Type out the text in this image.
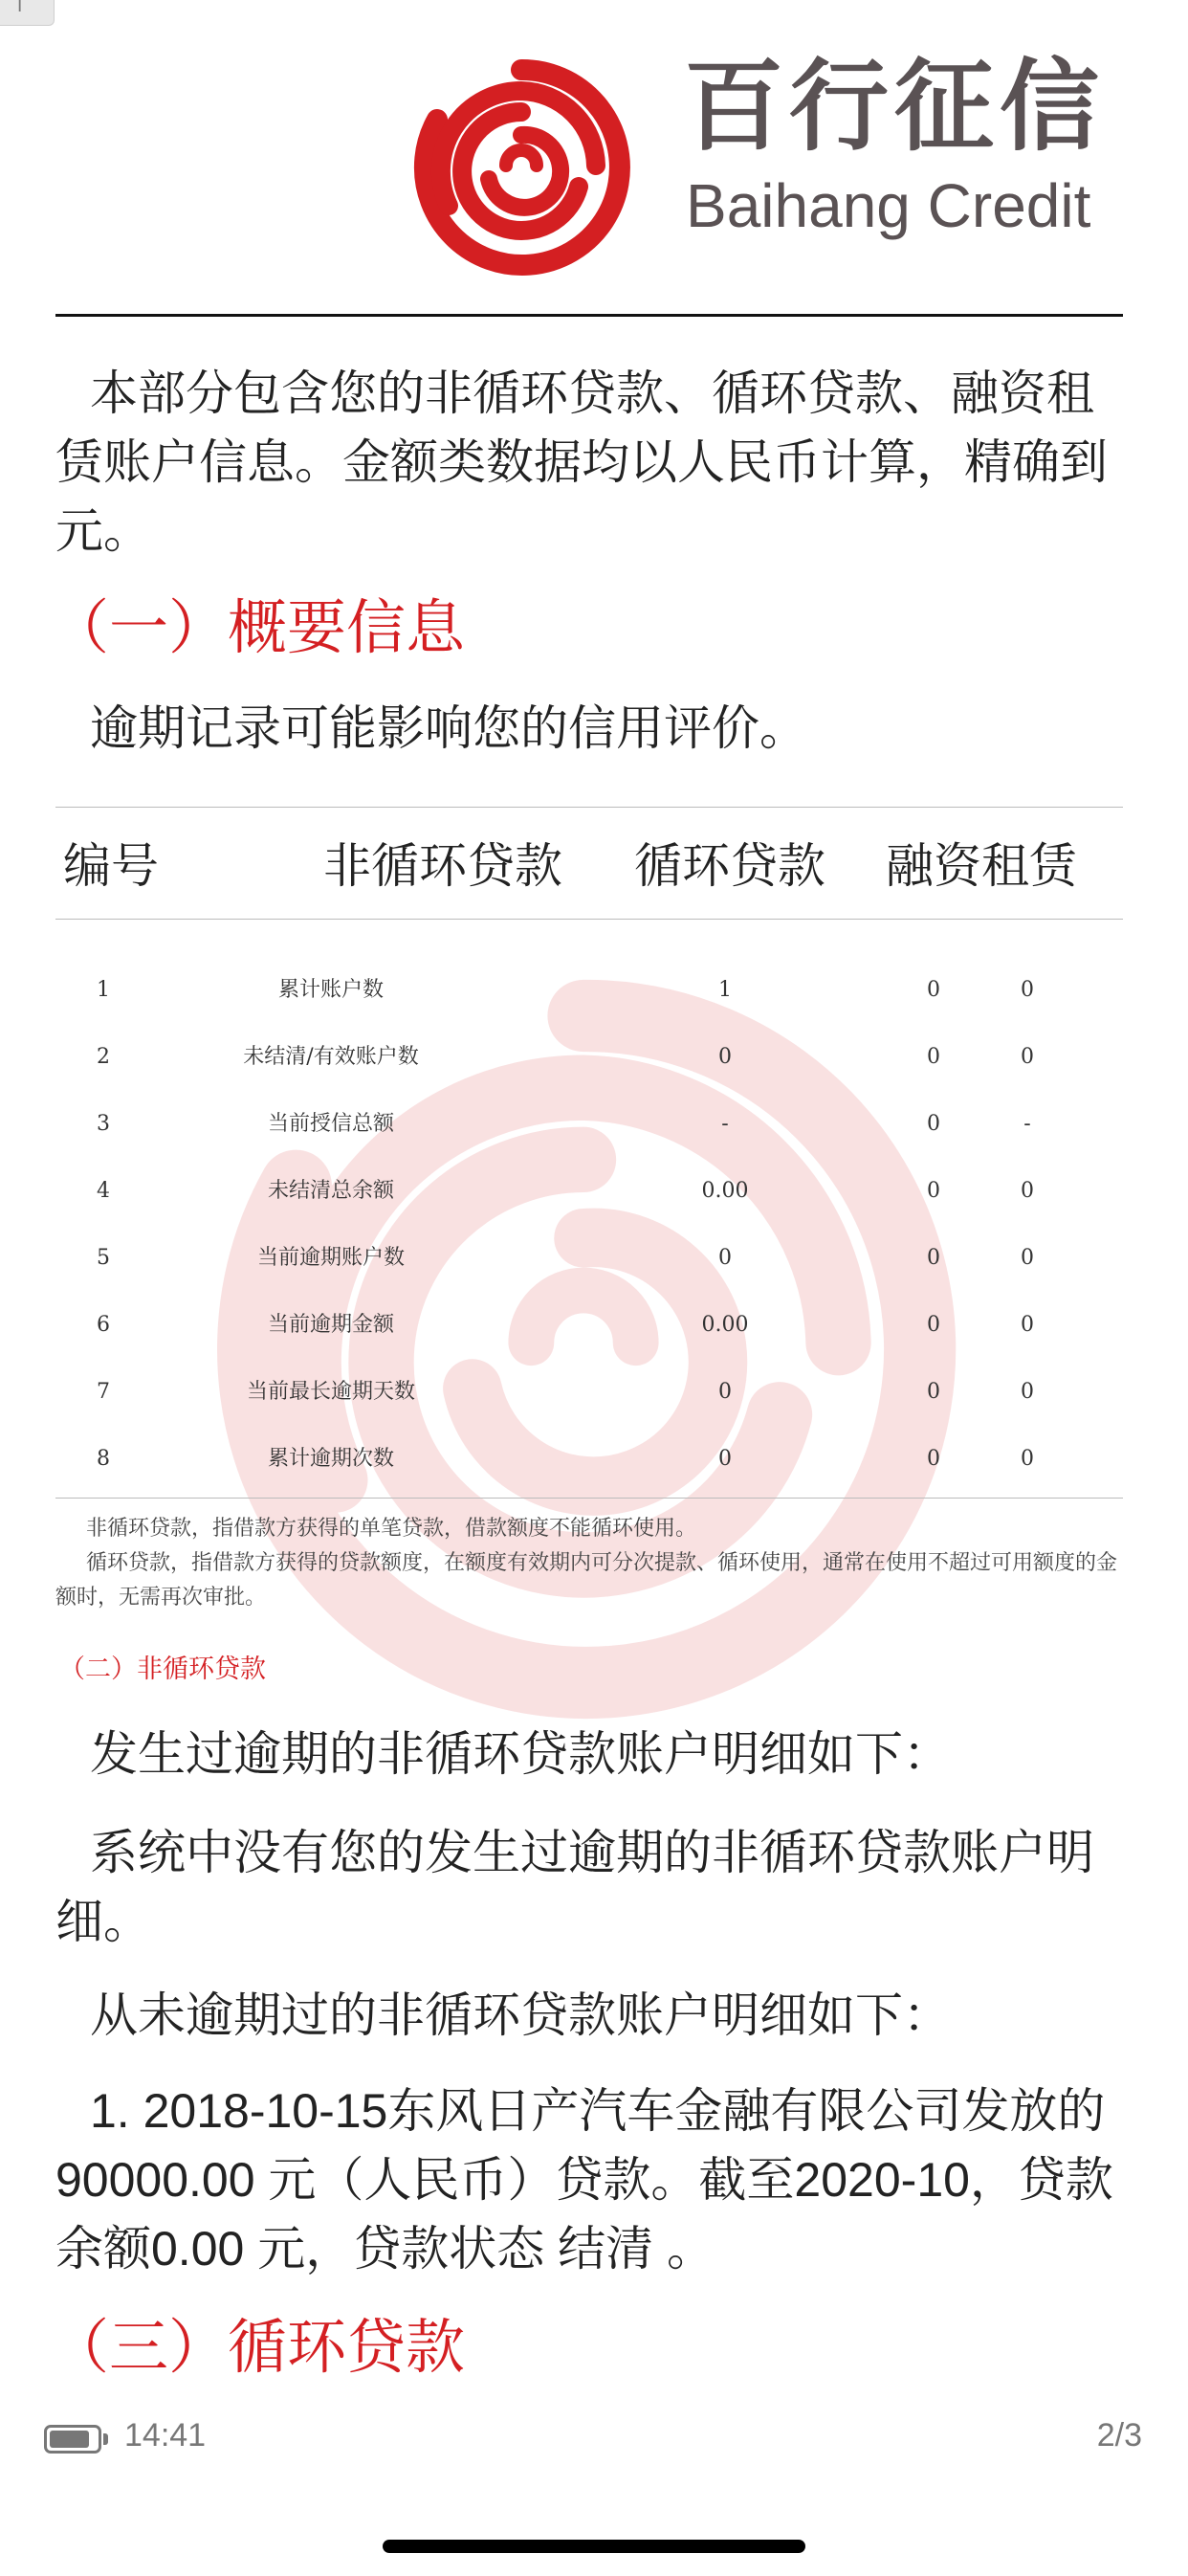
I
百行征信
Baihang Credit
本部分包含您的非循环贷款、循环贷款、融资租赁账户信息。金额类数据均以人民币计算，精确到元。
（一）概要信息
逾期记录可能影响您的信用评价。
编号	非循环贷款 循环贷款 融资租赁
1	累计账户数	1	0	0
2	未结清/有效账户数	0	0	0
3	当前授信总额	-	0	-
4	未结清总余额	0.00	0	0
5	当前逾期账户数	0	0	0
6	当前逾期金额	0.00	0	0
7	当前最长逾期天数	0	0	0
8	累计逾期次数	0	0	0
非循环贷款，指借款方获得的单笔贷款，借款额度不能循环使用。
循环贷款，指借款方获得的贷款额度，在额度有效期内可分次提款、循环使用，通常在使用不超过可用额度的金额时，无需再次审批。
（二）非循环贷款
发生过逾期的非循环贷款账户明细如下：
系统中没有您的发生过逾期的非循环贷款账户明细。
从未逾期过的非循环贷款账户明细如下：
1. 2018-10-15东风日产汽车金融有限公司发放的 90000.00 元（人民币）贷款。截至2020-10，贷款余额0.00 元，贷款状态 结清 。
（三）循环贷款
14:41	2/3
